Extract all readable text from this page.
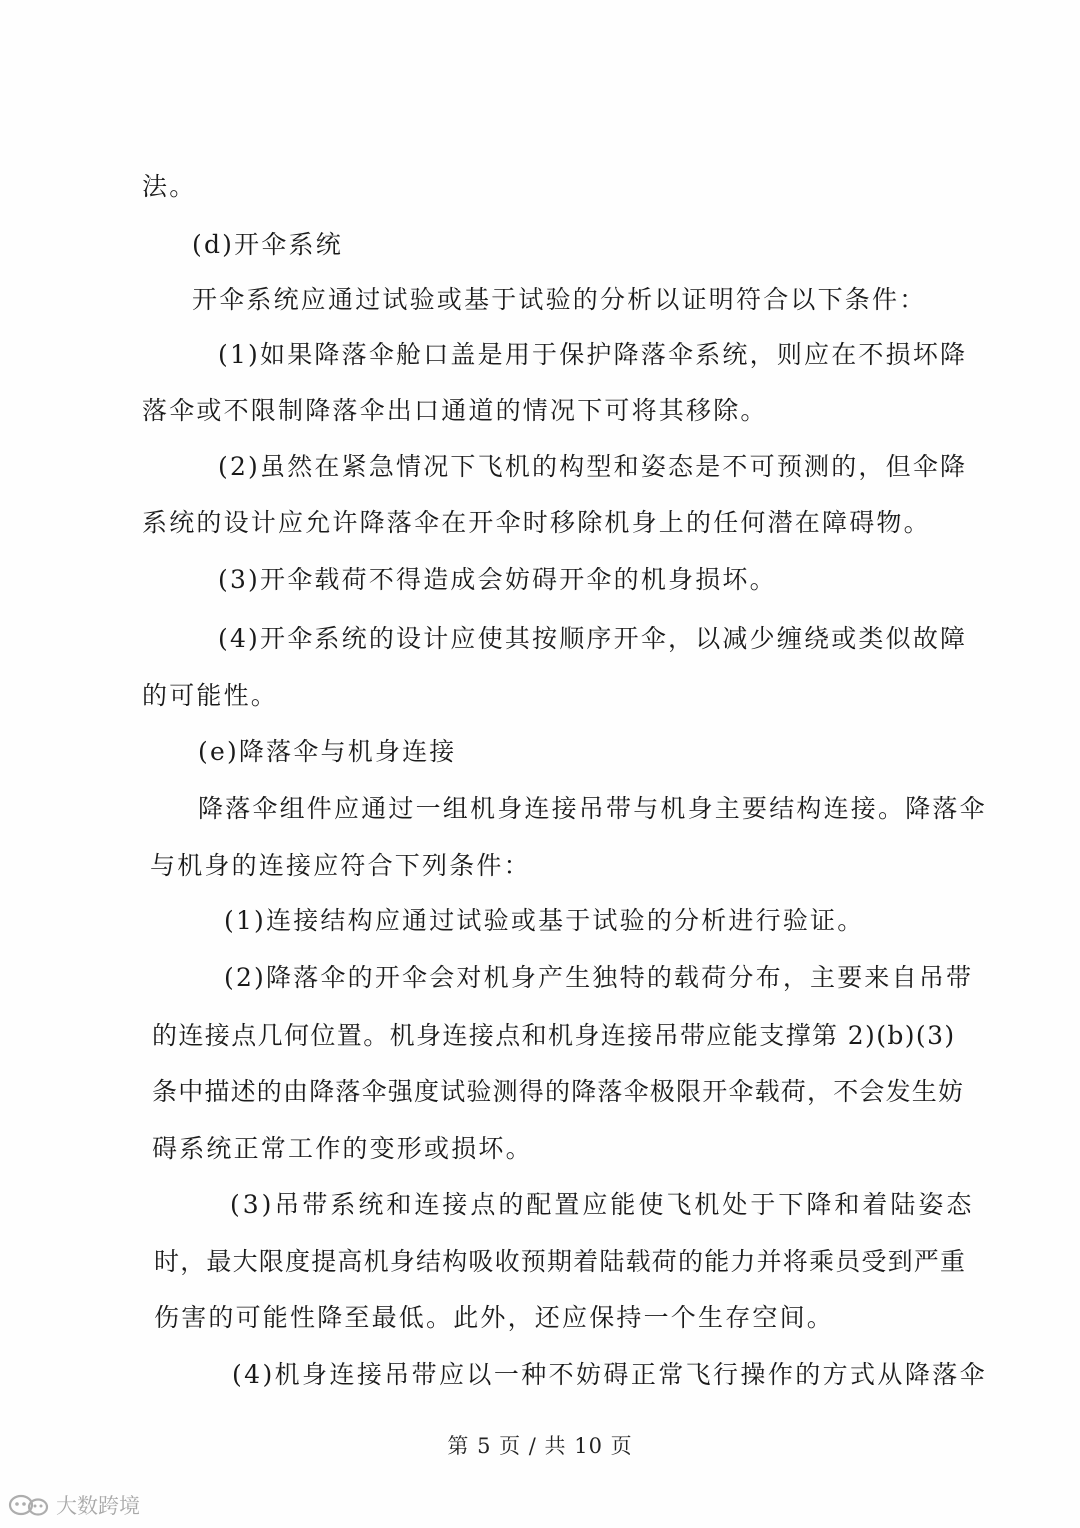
法。
(d)开伞系统
开伞系统应通过试验或基于试验的分析以证明符合以下条件：
(1)如果降落伞舱口盖是用于保护降落伞系统，则应在不损坏降
落伞或不限制降落伞出口通道的情况下可将其移除。
(2)虽然在紧急情况下飞机的构型和姿态是不可预测的，但伞降
系统的设计应允许降落伞在开伞时移除机身上的任何潜在障碍物。
(3)开伞载荷不得造成会妨碍开伞的机身损坏。
(4)开伞系统的设计应使其按顺序开伞，以减少缠绕或类似故障
的可能性。
(e)降落伞与机身连接
降落伞组件应通过一组机身连接吊带与机身主要结构连接。降落伞
与机身的连接应符合下列条件：
(1)连接结构应通过试验或基于试验的分析进行验证。
(2)降落伞的开伞会对机身产生独特的载荷分布，主要来自吊带
的连接点几何位置。机身连接点和机身连接吊带应能支撑第 2)(b)(3)
条中描述的由降落伞强度试验测得的降落伞极限开伞载荷，不会发生妨
碍系统正常工作的变形或损坏。
(3)吊带系统和连接点的配置应能使飞机处于下降和着陆姿态
时，最大限度提高机身结构吸收预期着陆载荷的能力并将乘员受到严重
伤害的可能性降至最低。此外，还应保持一个生存空间。
(4)机身连接吊带应以一种不妨碍正常飞行操作的方式从降落伞
第 5 页 / 共 10 页
大数跨境
